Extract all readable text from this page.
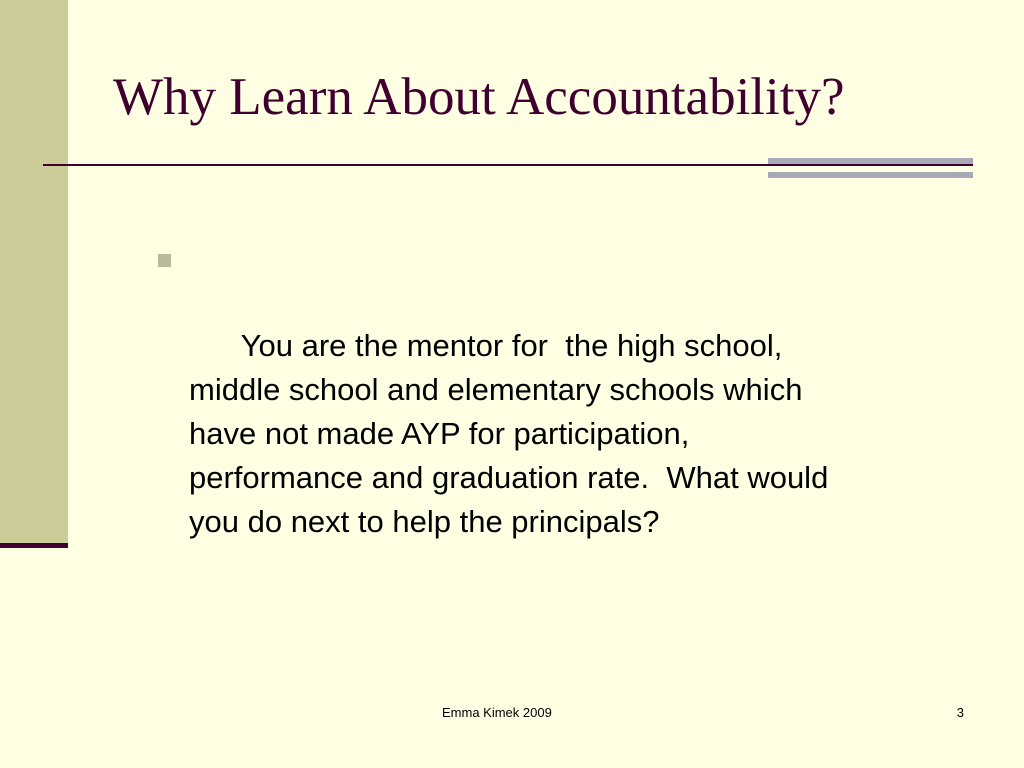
Why Learn About Accountability?

You are the mentor for  the high school,
middle school and elementary schools which
have not made AYP for participation,
performance and graduation rate.  What would
you do next to help the principals?

Emma Kimek 2009	3
